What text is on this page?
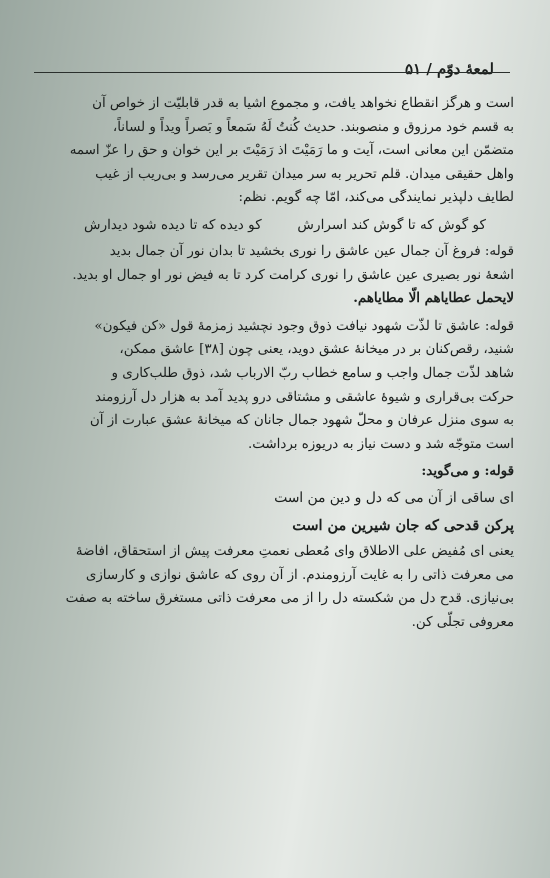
لمعهٔ دوّم / ۵۱

است و هرگز انقطاع نخواهد یافت، و مجموع اشیا به قدر قابلیّت از خواص آن

به قسم خود مرزوق و منصوبند. حدیث کُنتُ لَهُ سَمعاً و بَصراً ویداً و لساناً،

متضمّن این معانی است، آیت و ما رَمَیْتَ اذ رَمَیْتَ بر این خوان و حق را عزّ اسمه

واهل حقیقی میدان. قلم تحریر به سر میدان تقریر می‌رسد و بی‌ریب از غیب

لطایف دلپذیر نمایندگی می‌کند، امّا چه گویم. نظم:

کو گوش که تا گوش کند اسرارش
کو دیده که تا دیده شود دیدارش

قوله: فروغ آن جمال عین عاشق را نوری بخشید تا بدان نور آن جمال بدید

اشعهٔ نور بصیری عین عاشق را نوری کرامت کرد تا به فیض نور او جمال او بدید.

لایحمل عطایاهم الّا مطایاهم.

قوله: عاشق تا لذّت شهود نیافت ذوق وجود نچشید زمزمهٔ قول «کن فیکون»

شنید، رقص‌کنان بر در میخانهٔ عشق دوید، یعنی چون [۳۸] عاشق ممکن،

شاهد لذّت جمال واجب و سامع خطاب ربّ الارباب شد، ذوق طلب‌کاری و

حرکت بی‌قراری و شیوهٔ عاشقی و مشتاقی درو پدید آمد به هزار دل آرزومند

به سوی منزل عرفان و محلّ شهود جمال جانان که میخانهٔ عشق عبارت از آن

است متوجّه شد و دست نیاز به دریوزه برداشت.

قوله: و می‌گوید:

ای ساقی از آن می که دل و دین من است

پرکن قدحی که جان شیرین من است

یعنی ای مُفیض علی الاطلاق وای مُعطی نعمتِ معرفت پیش از استحقاق، افاضهٔ

می معرفت ذاتی را به غایت آرزومندم. از آن روی که عاشق نوازی و کارسازی

بی‌نیازی. قدح دل من شکسته دل را از می معرفت ذاتی مستغرق ساخته به صفت

معروفی تجلّی کن.
